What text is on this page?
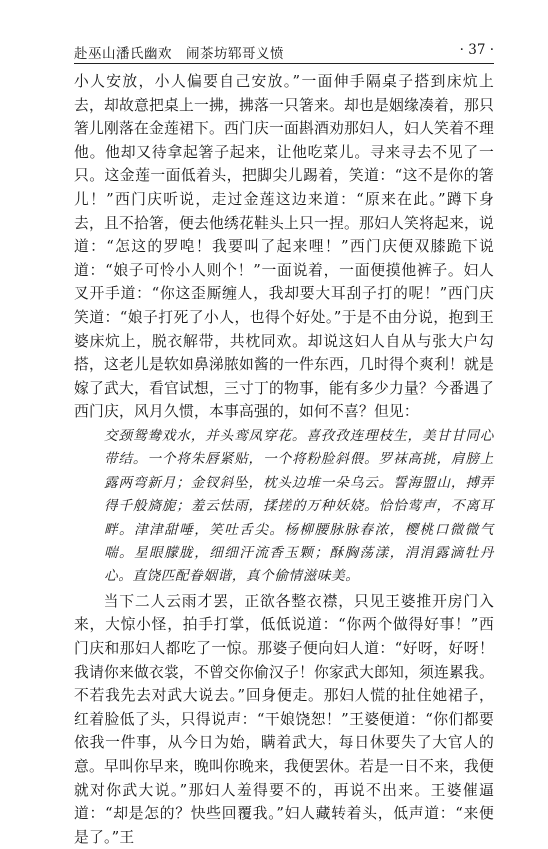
赴巫山潘氏幽欢　闹茶坊郓哥义愤	· 37 ·

小人安放，小人偏要自己安放。”一面伸手隔桌子搭到床炕上去，却故意把桌上一拂，拂落一只箸来。却也是姻缘凑着，那只箸儿刚落在金莲裙下。西门庆一面斟酒劝那妇人，妇人笑着不理他。他却又待拿起箸子起来，让他吃菜儿。寻来寻去不见了一只。这金莲一面低着头，把脚尖儿踢着，笑道：“这不是你的箸儿！”西门庆听说，走过金莲这边来道：“原来在此。”蹲下身去，且不拾箸，便去他绣花鞋头上只一捏。那妇人笑将起来，说道：“怎这的罗唣！我要叫了起来哩！”西门庆便双膝跪下说道：“娘子可怜小人则个！”一面说着，一面便摸他裤子。妇人叉开手道：“你这歪厮缠人，我却要大耳刮子打的呢！”西门庆笑道：“娘子打死了小人，也得个好处。”于是不由分说，抱到王婆床炕上，脱衣解带，共枕同欢。却说这妇人自从与张大户勾搭，这老儿是软如鼻涕脓如酱的一件东西，几时得个爽利！就是嫁了武大，看官试想，三寸丁的物事，能有多少力量？今番遇了西门庆，风月久惯，本事高强的，如何不喜？但见：

交颈鸳鸯戏水，并头鸾凤穿花。喜孜孜连理枝生，美甘甘同心带结。一个将朱唇紧贴，一个将粉脸斜偎。罗袜高挑，肩膀上露两弯新月；金钗斜坠，枕头边堆一朵乌云。誓海盟山，搏弄得千般旖旎；羞云怯雨，揉搓的万种妖娆。恰恰莺声，不离耳畔。津津甜唾，笑吐舌尖。杨柳腰脉脉春浓，樱桃口微微气喘。星眼朦胧，细细汗流香玉颗；酥胸荡漾，涓涓露滴牡丹心。直饶匹配眷姻谐，真个偷情滋味美。

当下二人云雨才罢，正欲各整衣襟，只见王婆推开房门入来，大惊小怪，拍手打掌，低低说道：“你两个做得好事！”西门庆和那妇人都吃了一惊。那婆子便向妇人道：“好呀，好呀！我请你来做衣裳，不曾交你偷汉子！你家武大郎知，须连累我。不若我先去对武大说去。”回身便走。那妇人慌的扯住她裙子，红着脸低了头，只得说声：“干娘饶恕！”王婆便道：“你们都要依我一件事，从今日为始，瞒着武大，每日休要失了大官人的意。早叫你早来，晚叫你晚来，我便罢休。若是一日不来，我便就对你武大说。”那妇人羞得要不的，再说不出来。王婆催逼道：“却是怎的？快些回覆我。”妇人藏转着头，低声道：“来便是了。”王
